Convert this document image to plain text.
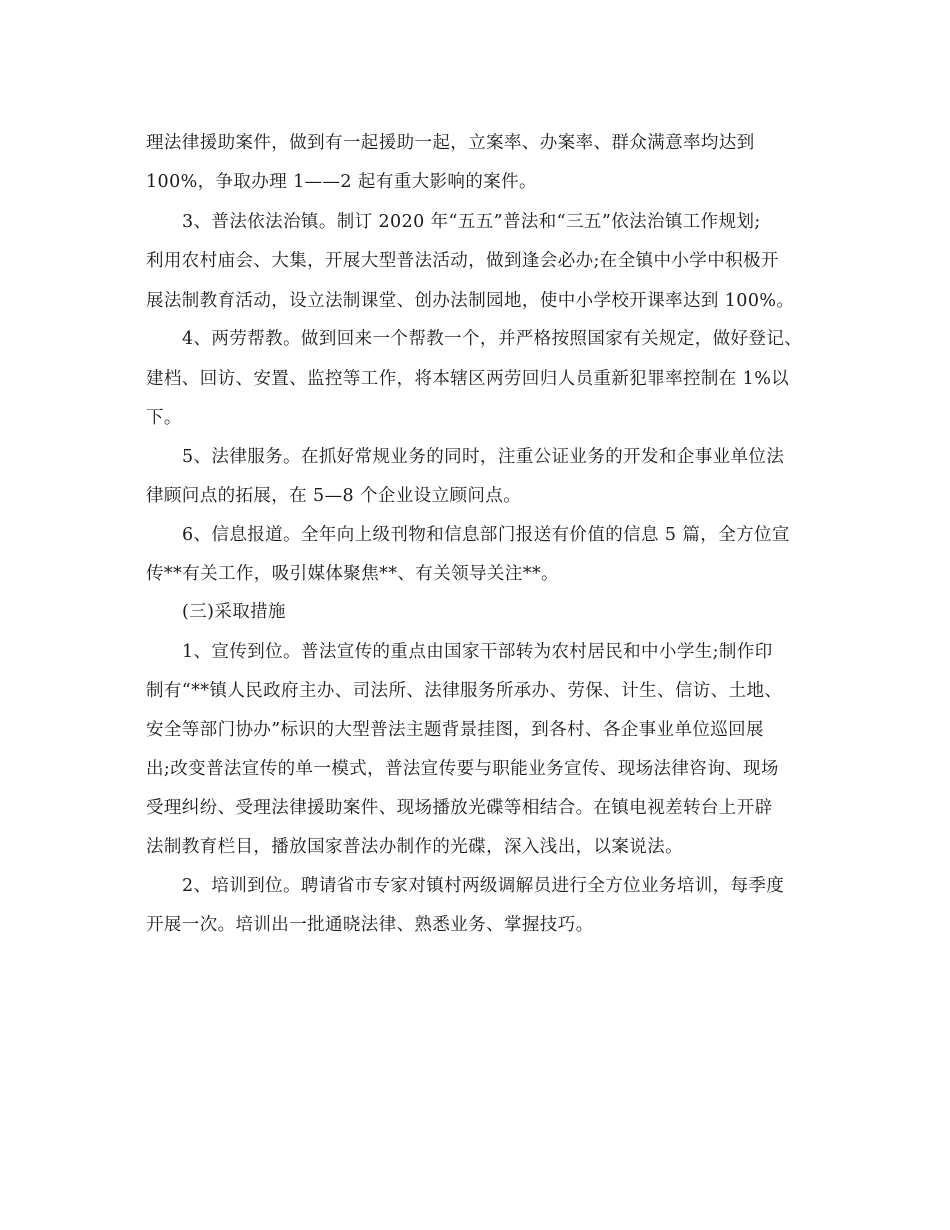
理法律援助案件，做到有一起援助一起，立案率、办案率、群众满意率均达到

100%，争取办理 1——2 起有重大影响的案件。

3、普法依法治镇。制订 2020 年“五五”普法和“三五”依法治镇工作规划;

利用农村庙会、大集，开展大型普法活动，做到逢会必办;在全镇中小学中积极开

展法制教育活动，设立法制课堂、创办法制园地，使中小学校开课率达到 100%。

4、两劳帮教。做到回来一个帮教一个，并严格按照国家有关规定，做好登记、

建档、回访、安置、监控等工作，将本辖区两劳回归人员重新犯罪率控制在 1%以

下。

5、法律服务。在抓好常规业务的同时，注重公证业务的开发和企事业单位法

律顾问点的拓展，在 5—8 个企业设立顾问点。

6、信息报道。全年向上级刊物和信息部门报送有价值的信息 5 篇，全方位宣

传**有关工作，吸引媒体聚焦**、有关领导关注**。

(三)采取措施

1、宣传到位。普法宣传的重点由国家干部转为农村居民和中小学生;制作印

制有“**镇人民政府主办、司法所、法律服务所承办、劳保、计生、信访、土地、

安全等部门协办”标识的大型普法主题背景挂图，到各村、各企事业单位巡回展

出;改变普法宣传的单一模式，普法宣传要与职能业务宣传、现场法律咨询、现场

受理纠纷、受理法律援助案件、现场播放光碟等相结合。在镇电视差转台上开辟

法制教育栏目，播放国家普法办制作的光碟，深入浅出，以案说法。

2、培训到位。聘请省市专家对镇村两级调解员进行全方位业务培训，每季度

开展一次。培训出一批通晓法律、熟悉业务、掌握技巧。
